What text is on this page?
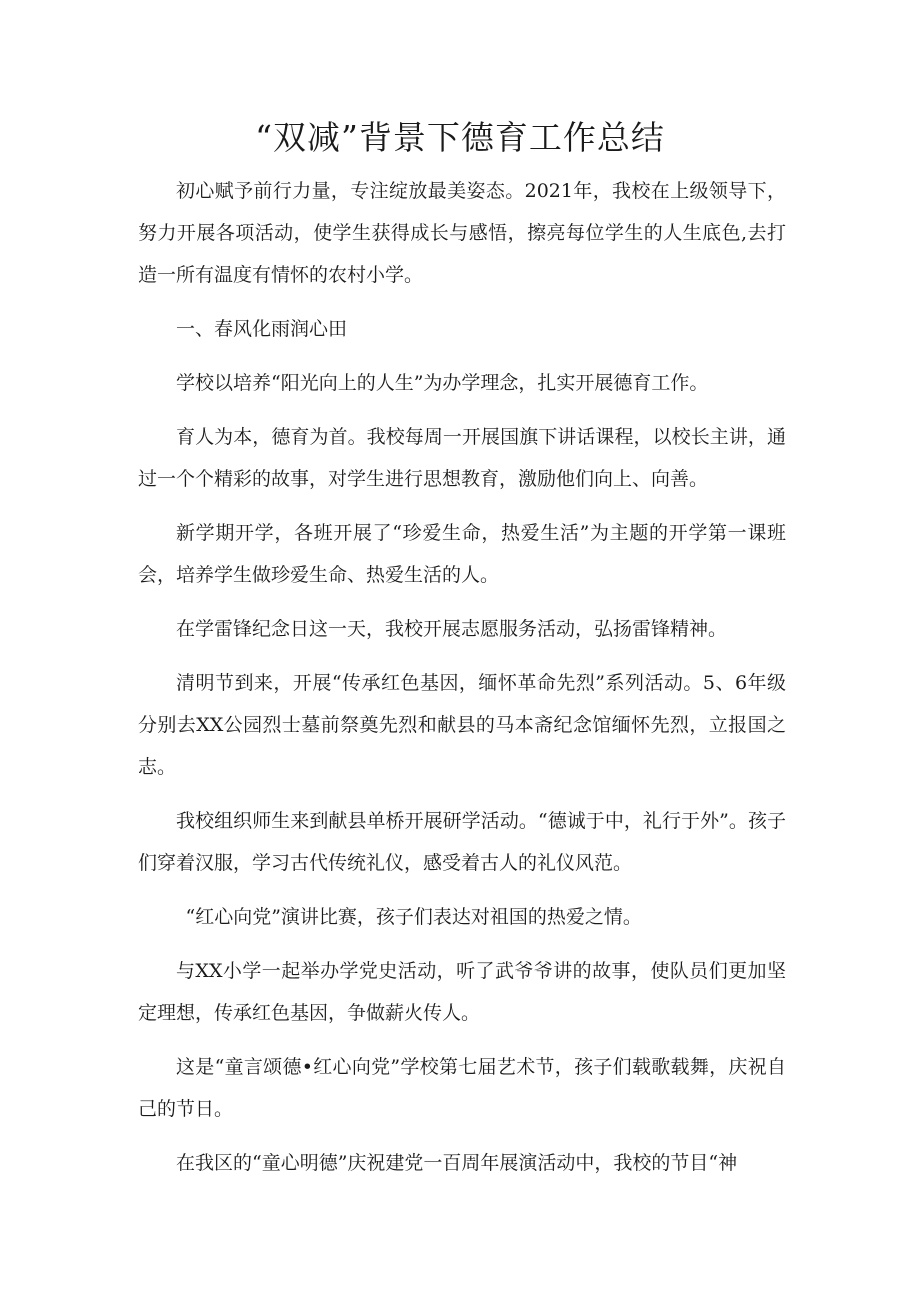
“双减”背景下德育工作总结

初心赋予前行力量，专注绽放最美姿态。2021年，我校在上级领导下，努力开展各项活动，使学生获得成长与感悟，擦亮每位学生的人生底色,去打造一所有温度有情怀的农村小学。

一、春风化雨润心田

学校以培养“阳光向上的人生”为办学理念，扎实开展德育工作。

育人为本，德育为首。我校每周一开展国旗下讲话课程，以校长主讲，通过一个个精彩的故事，对学生进行思想教育，激励他们向上、向善。

新学期开学，各班开展了“珍爱生命，热爱生活”为主题的开学第一课班会，培养学生做珍爱生命、热爱生活的人。

在学雷锋纪念日这一天，我校开展志愿服务活动，弘扬雷锋精神。

清明节到来，开展“传承红色基因，缅怀革命先烈”系列活动。5、6年级分别去XX公园烈士墓前祭奠先烈和献县的马本斋纪念馆缅怀先烈，立报国之志。

我校组织师生来到献县单桥开展研学活动。“德诚于中，礼行于外”。孩子们穿着汉服，学习古代传统礼仪，感受着古人的礼仪风范。

“红心向党”演讲比赛，孩子们表达对祖国的热爱之情。

与XX小学一起举办学党史活动，听了武爷爷讲的故事，使队员们更加坚定理想，传承红色基因，争做薪火传人。

这是“童言颂德•红心向党”学校第七届艺术节，孩子们载歌载舞，庆祝自己的节日。

在我区的“童心明德”庆祝建党一百周年展演活动中，我校的节目“神
